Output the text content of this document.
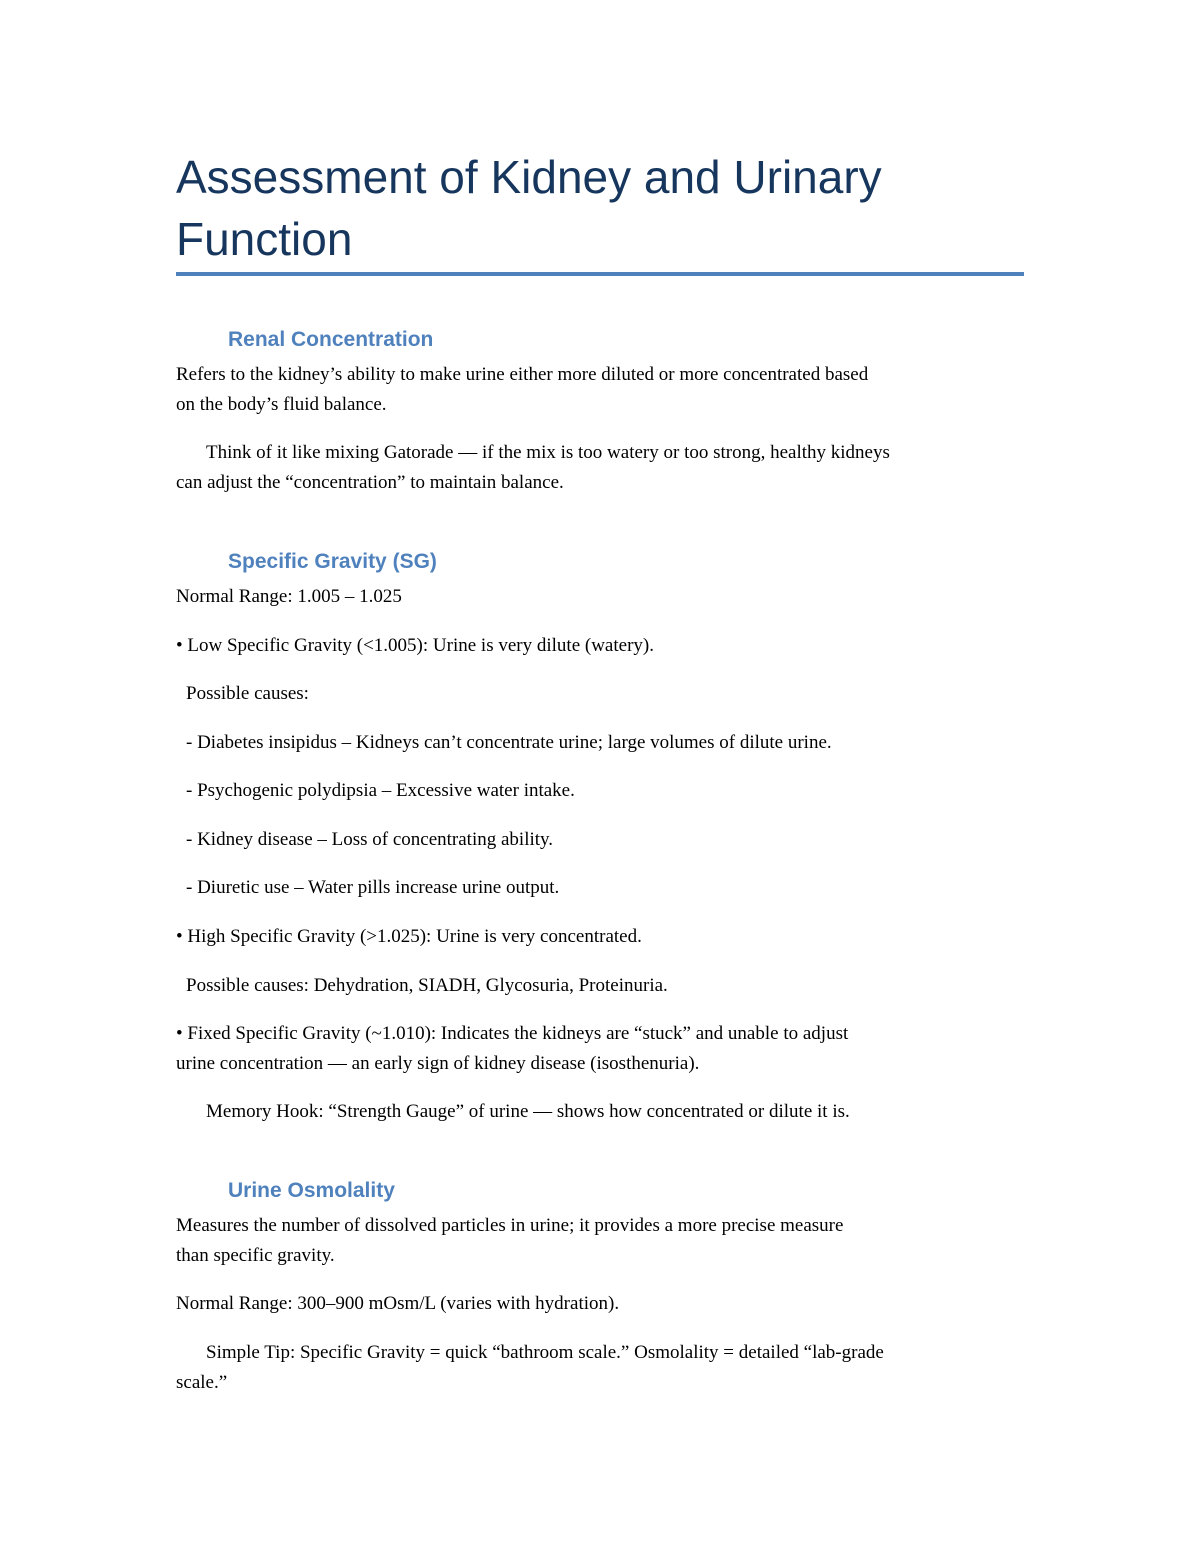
Assessment of Kidney and Urinary
Function
Renal Concentration

Refers to the kidney’s ability to make urine either more diluted or more concentrated based
on the body’s fluid balance.

Think of it like mixing Gatorade — if the mix is too watery or too strong, healthy kidneys
can adjust the “concentration” to maintain balance.

Specific Gravity (SG)

Normal Range: 1.005 – 1.025

• Low Specific Gravity (<1.005): Urine is very dilute (watery).

Possible causes:

- Diabetes insipidus – Kidneys can’t concentrate urine; large volumes of dilute urine.

- Psychogenic polydipsia – Excessive water intake.

- Kidney disease – Loss of concentrating ability.

- Diuretic use – Water pills increase urine output.

• High Specific Gravity (>1.025): Urine is very concentrated.

Possible causes: Dehydration, SIADH, Glycosuria, Proteinuria.

• Fixed Specific Gravity (~1.010): Indicates the kidneys are “stuck” and unable to adjust
urine concentration — an early sign of kidney disease (isosthenuria).

Memory Hook: “Strength Gauge” of urine — shows how concentrated or dilute it is.

Urine Osmolality

Measures the number of dissolved particles in urine; it provides a more precise measure
than specific gravity.

Normal Range: 300–900 mOsm/L (varies with hydration).

Simple Tip: Specific Gravity = quick “bathroom scale.” Osmolality = detailed “lab-grade
scale.”
